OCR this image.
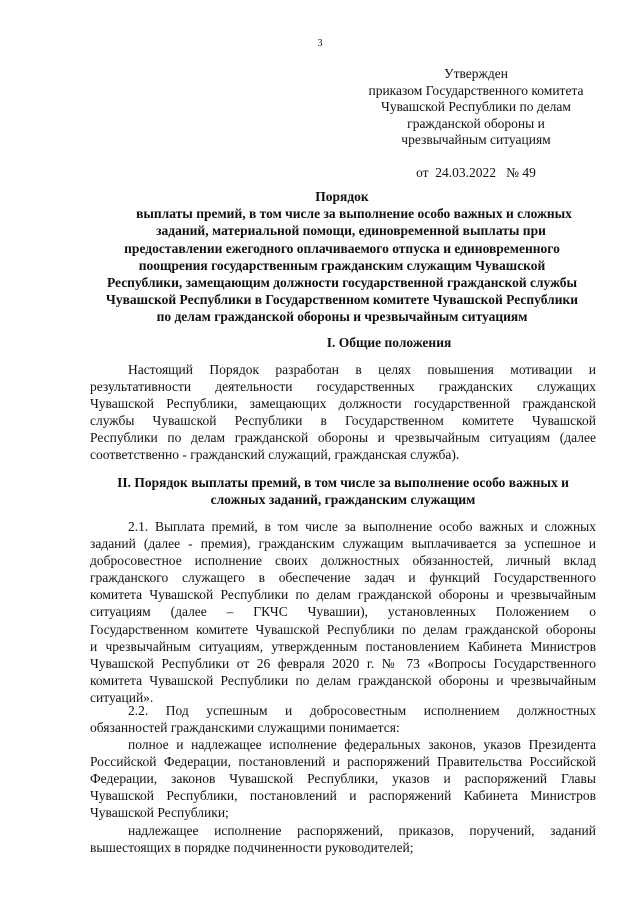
3
Утвержден
приказом Государственного комитета
Чувашской Республики по делам
гражданской обороны и
чрезвычайным ситуациям
от  24.03.2022   № 49
Порядок
выплаты премий, в том числе за выполнение особо важных и сложных
заданий, материальной помощи, единовременной выплаты при
предоставлении ежегодного оплачиваемого отпуска и единовременного
поощрения государственным гражданским служащим Чувашской
Республики, замещающим должности государственной гражданской службы
Чувашской Республики в Государственном комитете Чувашской Республики
по делам гражданской обороны и чрезвычайным ситуациям
I. Общие положения
Настоящий Порядок разработан в целях повышения мотивации и
результативности деятельности государственных гражданских служащих
Чувашской Республики, замещающих должности государственной гражданской
службы Чувашской Республики в Государственном комитете Чувашской
Республики по делам гражданской обороны и чрезвычайным ситуациям (далее
соответственно - гражданский служащий, гражданская служба).
II. Порядок выплаты премий, в том числе за выполнение особо важных и
сложных заданий, гражданским служащим
2.1. Выплата премий, в том числе за выполнение особо важных и сложных
заданий (далее - премия), гражданским служащим выплачивается за успешное и
добросовестное исполнение своих должностных обязанностей, личный вклад
гражданского служащего в обеспечение задач и функций Государственного
комитета Чувашской Республики по делам гражданской обороны и чрезвычайным
ситуациям (далее – ГКЧС Чувашии), установленных Положением о
Государственном комитете Чувашской Республики по делам гражданской обороны
и чрезвычайным ситуациям, утвержденным постановлением Кабинета Министров
Чувашской Республики от 26 февраля 2020 г. № 73 «Вопросы Государственного
комитета Чувашской Республики по делам гражданской обороны и чрезвычайным
ситуаций».
2.2. Под успешным и добросовестным исполнением должностных
обязанностей гражданскими служащими понимается:
полное и надлежащее исполнение федеральных законов, указов Президента
Российской Федерации, постановлений и распоряжений Правительства Российской
Федерации, законов Чувашской Республики, указов и распоряжений Главы
Чувашской Республики, постановлений и распоряжений Кабинета Министров
Чувашской Республики;
надлежащее исполнение распоряжений, приказов, поручений, заданий
вышестоящих в порядке подчиненности руководителей;
